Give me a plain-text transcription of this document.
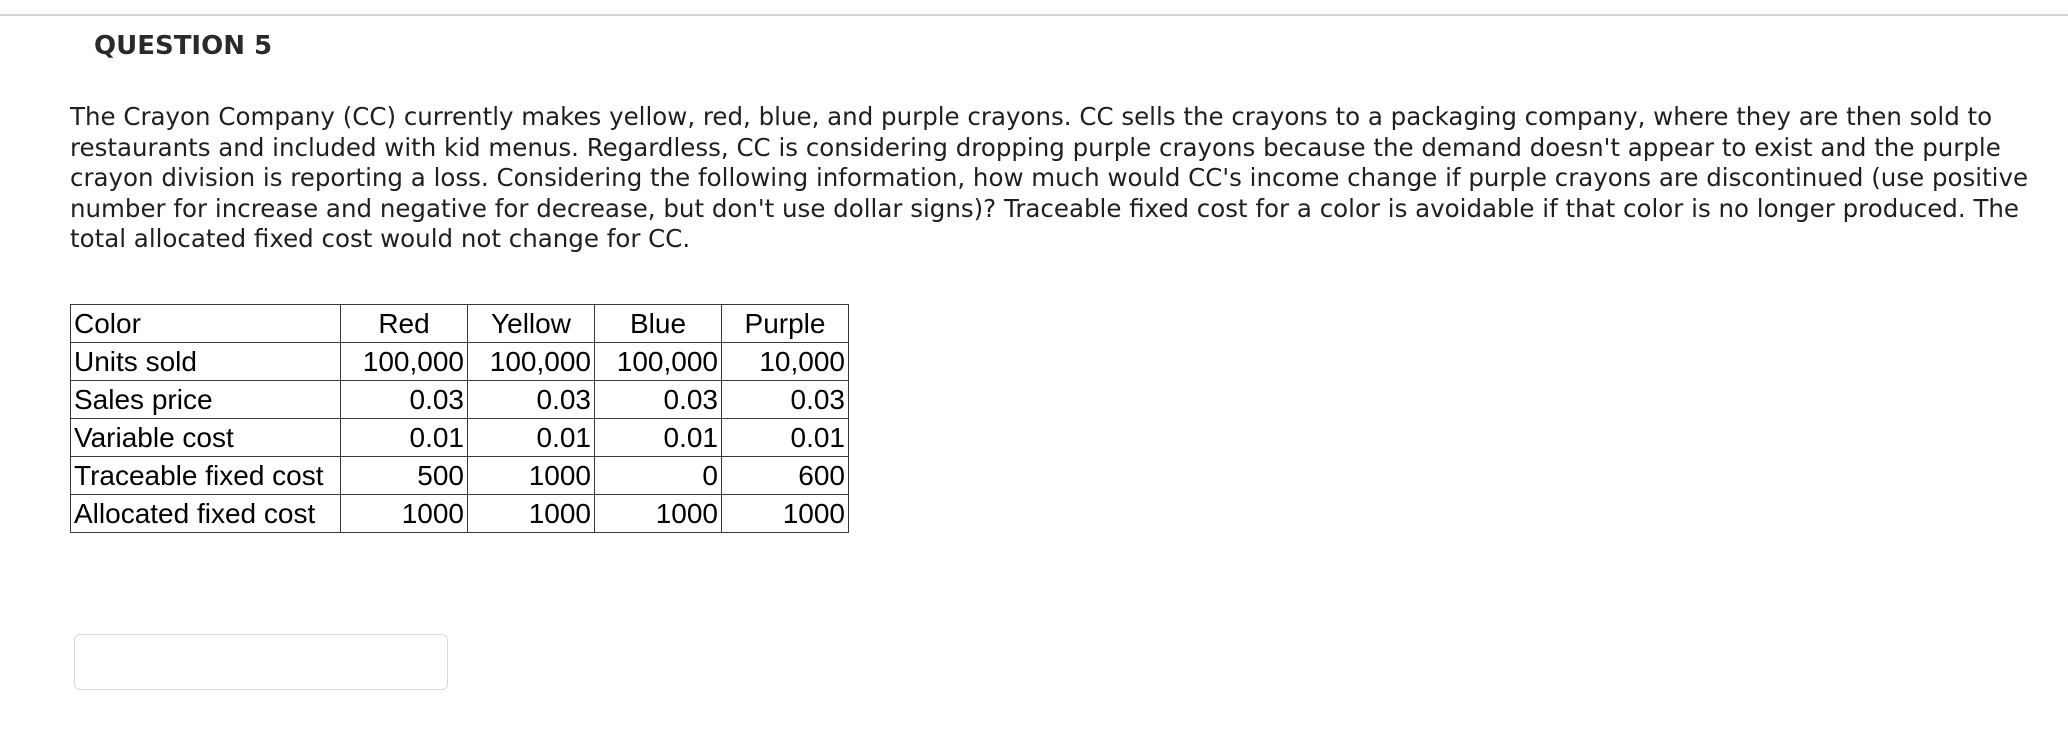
QUESTION 5

The Crayon Company (CC) currently makes yellow, red, blue, and purple crayons. CC sells the crayons to a packaging company, where they are then sold to restaurants and included with kid menus. Regardless, CC is considering dropping purple crayons because the demand doesn't appear to exist and the purple crayon division is reporting a loss. Considering the following information, how much would CC's income change if purple crayons are discontinued (use positive number for increase and negative for decrease, but don't use dollar signs)? Traceable fixed cost for a color is avoidable if that color is no longer produced. The total allocated fixed cost would not change for CC.

Color	Red	Yellow	Blue	Purple
Units sold	100,000	100,000	100,000	10,000
Sales price	0.03	0.03	0.03	0.03
Variable cost	0.01	0.01	0.01	0.01
Traceable fixed cost	500	1000	0	600
Allocated fixed cost	1000	1000	1000	1000
